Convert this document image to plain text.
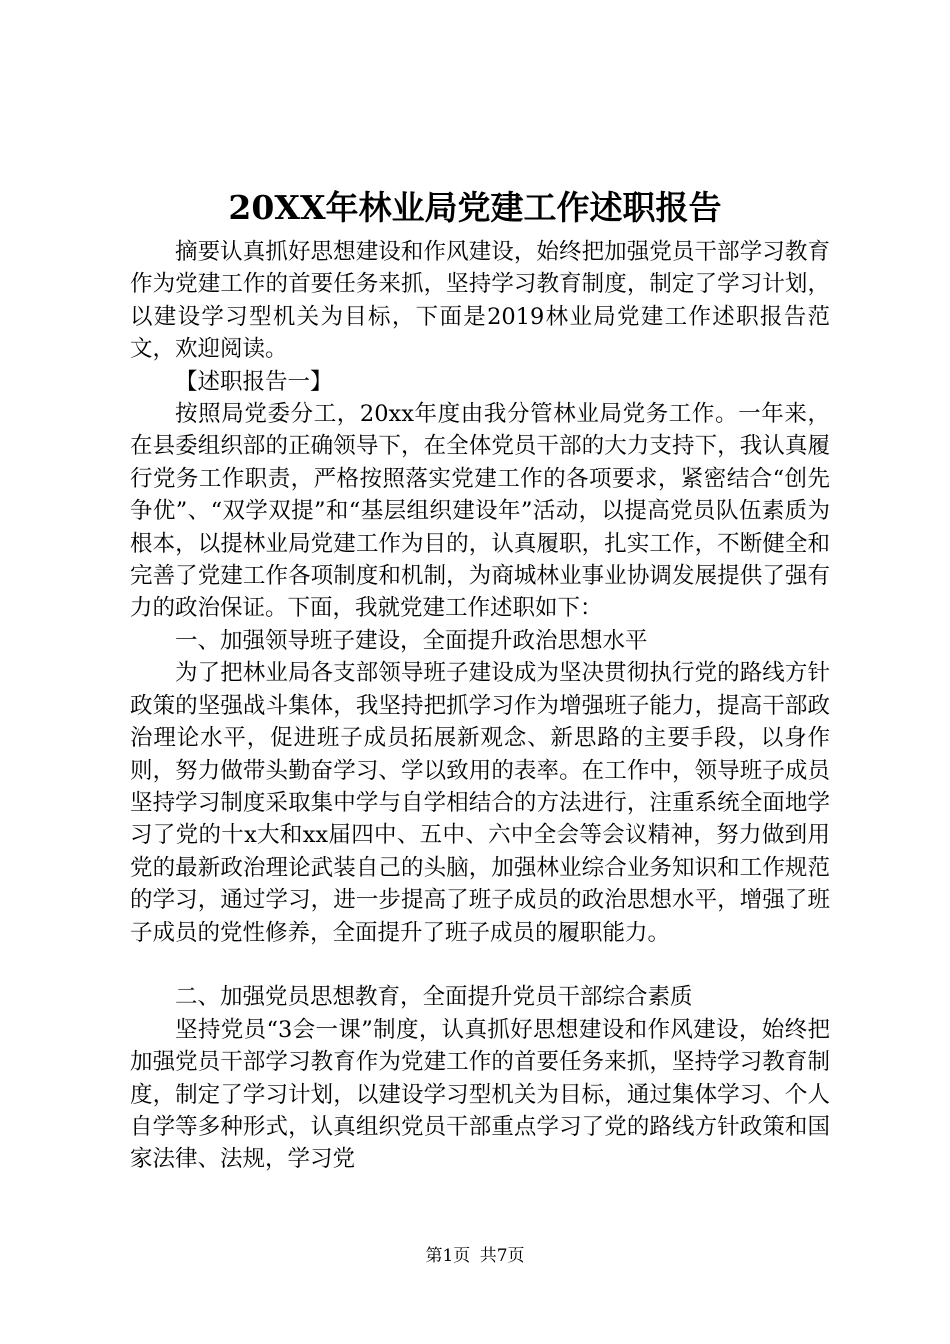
20XX年林业局党建工作述职报告

摘要认真抓好思想建设和作风建设，始终把加强党员干部学习教育作为党建工作的首要任务来抓，坚持学习教育制度，制定了学习计划，以建设学习型机关为目标，下面是2019林业局党建工作述职报告范文，欢迎阅读。

【述职报告一】

按照局党委分工，20xx年度由我分管林业局党务工作。一年来，在县委组织部的正确领导下，在全体党员干部的大力支持下，我认真履行党务工作职责，严格按照落实党建工作的各项要求，紧密结合“创先争优”、“双学双提”和“基层组织建设年”活动，以提高党员队伍素质为根本，以提林业局党建工作为目的，认真履职，扎实工作，不断健全和完善了党建工作各项制度和机制，为商城林业事业协调发展提供了强有力的政治保证。下面，我就党建工作述职如下：

一、加强领导班子建设，全面提升政治思想水平

为了把林业局各支部领导班子建设成为坚决贯彻执行党的路线方针政策的坚强战斗集体，我坚持把抓学习作为增强班子能力，提高干部政治理论水平，促进班子成员拓展新观念、新思路的主要手段，以身作则，努力做带头勤奋学习、学以致用的表率。在工作中，领导班子成员坚持学习制度采取集中学与自学相结合的方法进行，注重系统全面地学习了党的十x大和xx届四中、五中、六中全会等会议精神，努力做到用党的最新政治理论武装自己的头脑，加强林业综合业务知识和工作规范的学习，通过学习，进一步提高了班子成员的政治思想水平，增强了班子成员的党性修养，全面提升了班子成员的履职能力。

二、加强党员思想教育，全面提升党员干部综合素质

坚持党员“3会一课”制度，认真抓好思想建设和作风建设，始终把加强党员干部学习教育作为党建工作的首要任务来抓，坚持学习教育制度，制定了学习计划，以建设学习型机关为目标，通过集体学习、个人自学等多种形式，认真组织党员干部重点学习了党的路线方针政策和国家法律、法规，学习党

第1页 共7页
